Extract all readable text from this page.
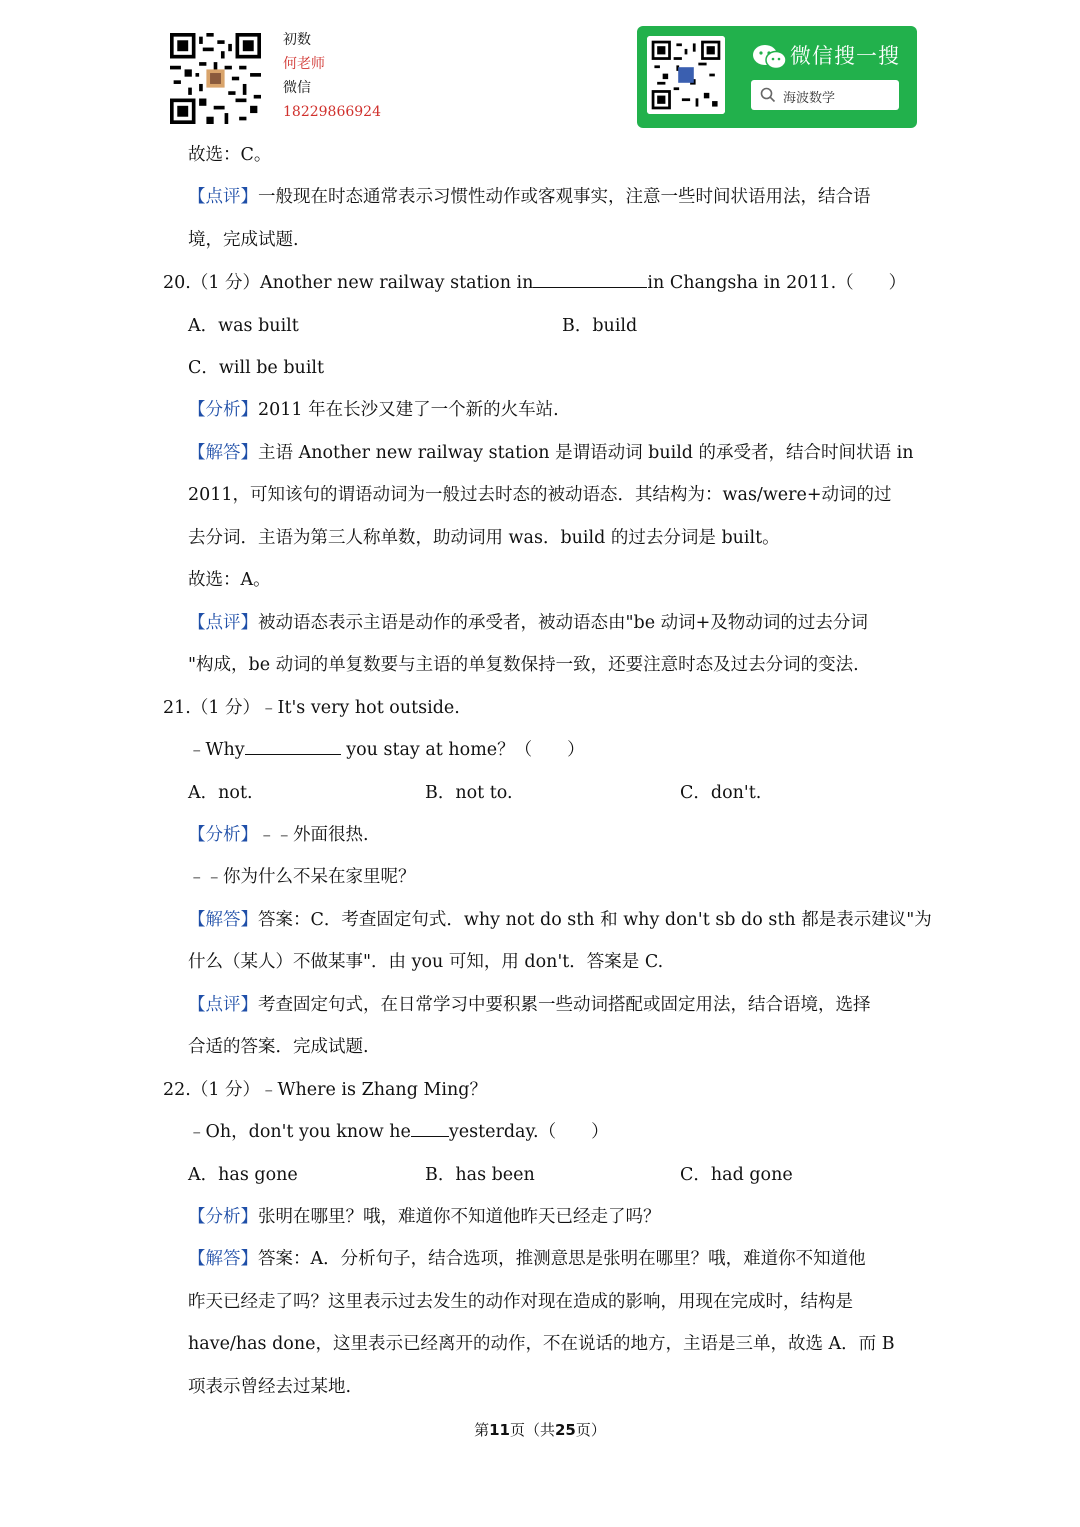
初数
何老师
微信
18229866924
微信搜一搜
海波数学
故选：C。
【点评】一般现在时态通常表示习惯性动作或客观事实，注意一些时间状语用法，结合语
境，完成试题.
20.（1 分）Another new railway station in	in Changsha in 2011.（　　）
A．was built	B．build
C．will be built
【分析】2011 年在长沙又建了一个新的火车站.
【解答】主语 Another new railway station 是谓语动词 build 的承受者，结合时间状语 in
2011，可知该句的谓语动词为一般过去时态的被动语态．其结构为：was/were+动词的过
去分词．主语为第三人称单数，助动词用 was．build 的过去分词是 built。
故选：A。
【点评】被动语态表示主语是动作的承受者，被动语态由"be 动词+及物动词的过去分词
"构成，be 动词的单复数要与主语的单复数保持一致，还要注意时态及过去分词的变法.
21.（1 分）﹣It's very hot outside.
﹣Why	you stay at home？（　　）
A．not.	B．not to.	C．don't.
【分析】﹣﹣外面很热.
﹣﹣你为什么不呆在家里呢？
【解答】答案：C．考查固定句式．why not do sth 和 why don't sb do sth 都是表示建议"为
什么（某人）不做某事"．由 you 可知，用 don't．答案是 C.
【点评】考查固定句式，在日常学习中要积累一些动词搭配或固定用法，结合语境，选择
合适的答案．完成试题.
22.（1 分）﹣Where is Zhang Ming？
﹣Oh，don't you know he yesterday.（　　）
A．has gone	B．has been	C．had gone
【分析】张明在哪里？哦，难道你不知道他昨天已经走了吗？
【解答】答案：A．分析句子，结合选项，推测意思是张明在哪里？哦，难道你不知道他
昨天已经走了吗？这里表示过去发生的动作对现在造成的影响，用现在完成时，结构是
have/has done，这里表示已经离开的动作，不在说话的地方，主语是三单，故选 A．而 B
项表示曾经去过某地.
第11页（共25页）
